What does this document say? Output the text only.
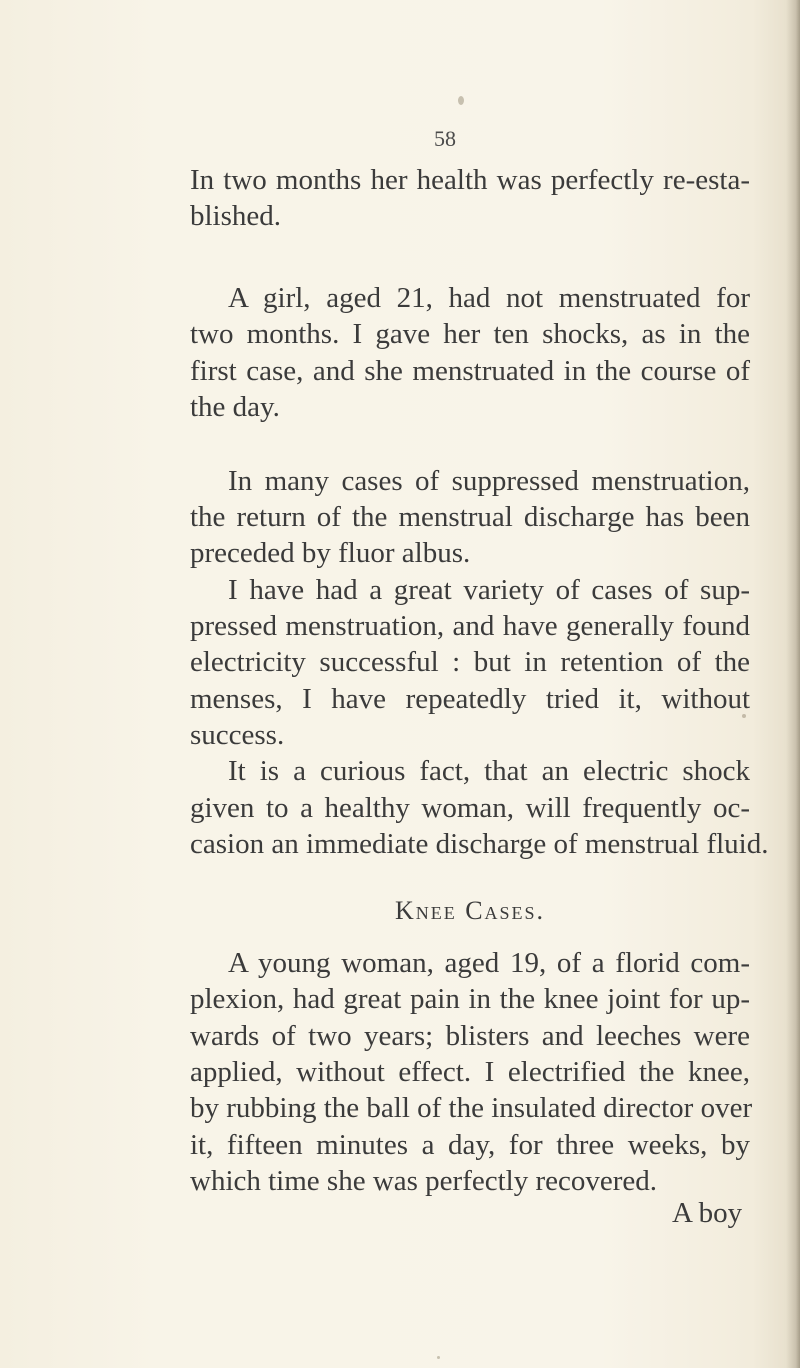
58
In two months her health was perfectly re-esta-
blished.
A girl, aged 21, had not menstruated for
two months. I gave her ten shocks, as in the
first case, and she menstruated in the course of
the day.
In many cases of suppressed menstruation,
the return of the menstrual discharge has been
preceded by fluor albus.
I have had a great variety of cases of sup-
pressed menstruation, and have generally found
electricity successful : but in retention of the
menses, I have repeatedly tried it, without
success.
It is a curious fact, that an electric shock
given to a healthy woman, will frequently oc-
casion an immediate discharge of menstrual fluid.
Knee Cases.
A young woman, aged 19, of a florid com-
plexion, had great pain in the knee joint for up-
wards of two years; blisters and leeches were
applied, without effect. I electrified the knee,
by rubbing the ball of the insulated director over
it, fifteen minutes a day, for three weeks, by
which time she was perfectly recovered.
A boy
